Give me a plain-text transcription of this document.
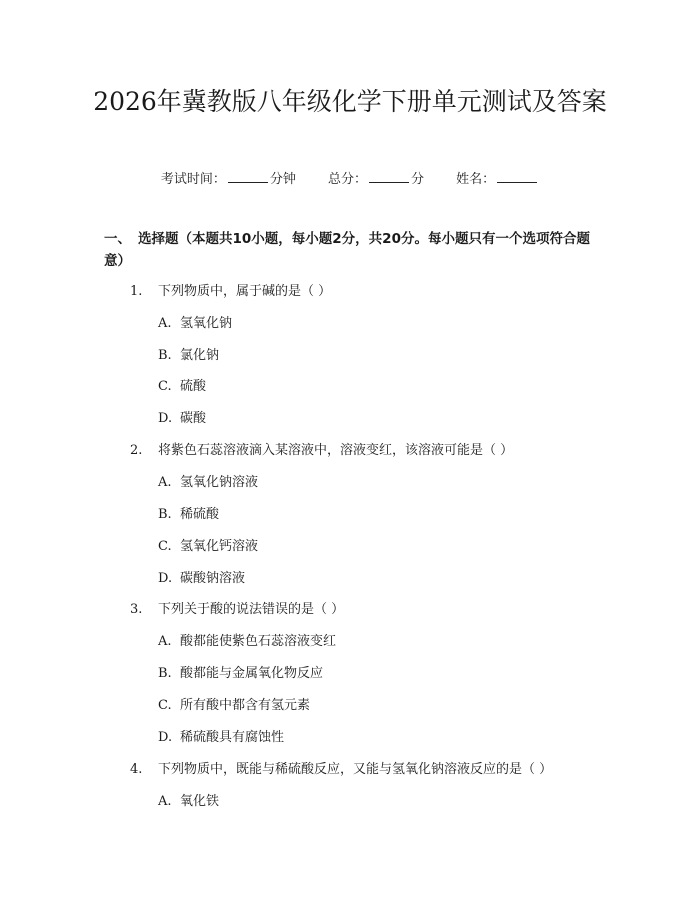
2026年冀教版八年级化学下册单元测试及答案
考试时间：	分钟 总分：	分 姓名：
一、 选择题（本题共10小题，每小题2分，共20分。每小题只有一个选项符合题意）
1. 下列物质中，属于碱的是（ ）
A. 氢氧化钠
B. 氯化钠
C. 硫酸
D. 碳酸
2. 将紫色石蕊溶液滴入某溶液中，溶液变红，该溶液可能是（ ）
A. 氢氧化钠溶液
B. 稀硫酸
C. 氢氧化钙溶液
D. 碳酸钠溶液
3. 下列关于酸的说法错误的是（ ）
A. 酸都能使紫色石蕊溶液变红
B. 酸都能与金属氧化物反应
C. 所有酸中都含有氢元素
D. 稀硫酸具有腐蚀性
4. 下列物质中，既能与稀硫酸反应，又能与氢氧化钠溶液反应的是（ ）
A. 氧化铁
